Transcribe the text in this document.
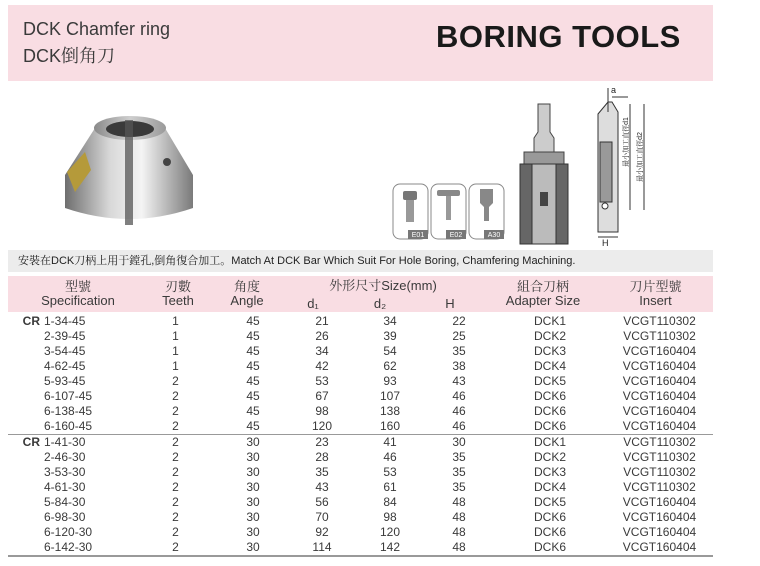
DCK Chamfer ring
DCK倒角刀
BORING TOOLS
E01	E02	A30
a
H
最小加工直徑d1 最小加工直徑d2
安裝在DCK刀柄上用于鏜孔,倒角復合加工。Match At DCK Bar Which Suit For Hole Boring, Chamfering Machining.
型號
Specification
刃數
Teeth
角度
Angle
外形尺寸Size(mm)
d₁	d₂	H
組合刀柄
Adapter Size
刀片型號
Insert
CR 1-34-45	1	45	21	34	22	DCK1	VCGT110302
2-39-45	1	45	26	39	25	DCK2	VCGT110302
3-54-45	1	45	34	54	35	DCK3	VCGT160404
4-62-45	1	45	42	62	38	DCK4	VCGT160404
5-93-45	2	45	53	93	43	DCK5	VCGT160404
6-107-45	2	45	67	107	46	DCK6	VCGT160404
6-138-45	2	45	98	138	46	DCK6	VCGT160404
6-160-45	2	45	120	160	46	DCK6	VCGT160404
CR 1-41-30	2	30	23	41	30	DCK1	VCGT110302
2-46-30	2	30	28	46	35	DCK2	VCGT110302
3-53-30	2	30	35	53	35	DCK3	VCGT110302
4-61-30	2	30	43	61	35	DCK4	VCGT110302
5-84-30	2	30	56	84	48	DCK5	VCGT160404
6-98-30	2	30	70	98	48	DCK6	VCGT160404
6-120-30	2	30	92	120	48	DCK6	VCGT160404
6-142-30	2	30	114	142	48	DCK6	VCGT160404
